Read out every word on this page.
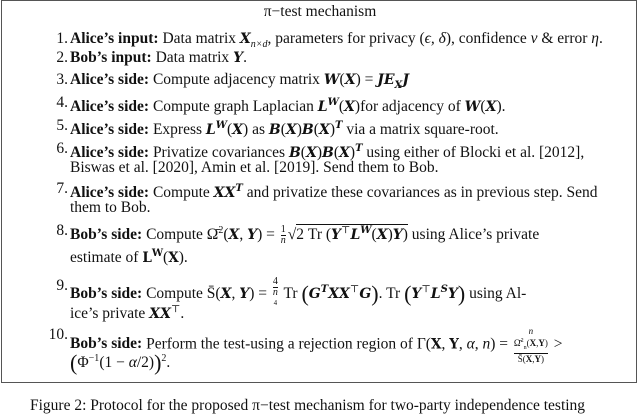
π−test mechanism
1. Alice’s input: Data matrix $X_{n\times d}$, parameters for privacy (ϵ, δ), confidence ν & error η.
2. Bob’s input: Data matrix Y.
3. Alice’s side: Compute adjacency matrix $W(X) = JE_XJ$
4. Alice’s side: Compute graph Laplacian $L^W(X)for$ adjacency of W(X).
5. Alice’s side: Express $L^W(X)$ as $B(X)B(X)^T$ via a matrix square-root.
6. Alice’s side: Privatize covariances $B(X)B(X)^T$ using either of Blocki et al. [2012],
Biswas et al. [2020], Amin et al. [2019]. Send them to Bob.
7. Alice’s side: Compute $XX^T$ and privatize these covariances as in previous step. Send
them to Bob.
8. Bob’s side: Compute Ω̄$^2$(X, $Y) = \frac{1}{n} √2$ Tr $(Y^⊤L^W(X)Y)$ using Alice’s private
estimate of $L^W(X)$.
9. Bob’s side: Compute S̄(X, Y) = 4
n
$^4$ Tr $(G^TXX^⊤G)$. Tr $(Y^⊤L^SY)$ using Al-
ice’s private XX⊤.
10.
Bob’s side: Perform the test-using a rejection region of Γ(X, Y, α, n) = n
Ω̄$^2_n$(X,Y)
S̄(X,Y) >
$(\Phi^{-1}(1 - \alpha/2))^2$.
Figure 2: Protocol for the proposed π−test mechanism for two-party independence testing
